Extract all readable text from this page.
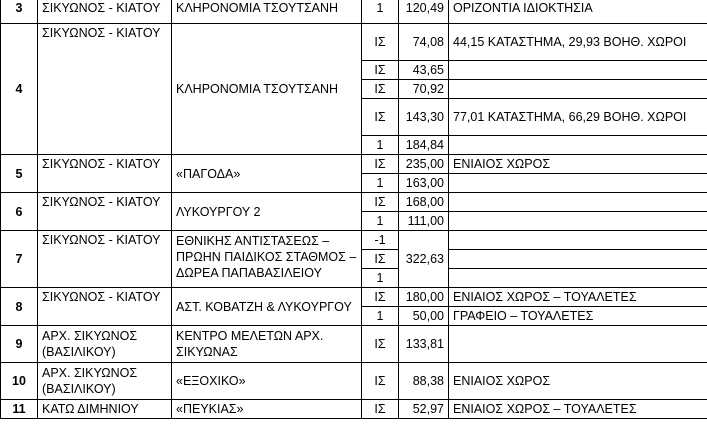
3	ΣΙΚΥΩΝΟΣ - ΚΙΑΤΟΥ	ΚΛΗΡΟΝΟΜΙΑ ΤΣΟΥΤΣΑΝΗ	1	120,49	ΟΡΙΖΟΝΤΙΑ ΙΔΙΟΚΤΗΣΙΑ
4	ΣΙΚΥΩΝΟΣ - ΚΙΑΤΟΥ	ΚΛΗΡΟΝΟΜΙΑ ΤΣΟΥΤΣΑΝΗ	ΙΣ	74,08	44,15 ΚΑΤΑΣΤΗΜΑ, 29,93 ΒΟΗΘ. ΧΩΡΟΙ
			ΙΣ	43,65	
			ΙΣ	70,92	
			ΙΣ	143,30	77,01 ΚΑΤΑΣΤΗΜΑ, 66,29 ΒΟΗΘ. ΧΩΡΟΙ
			1	184,84	
5	ΣΙΚΥΩΝΟΣ - ΚΙΑΤΟΥ	«ΠΑΓΟΔΑ»	ΙΣ	235,00	ΕΝΙΑΙΟΣ ΧΩΡΟΣ
			1	163,00	
6	ΣΙΚΥΩΝΟΣ - ΚΙΑΤΟΥ	ΛΥΚΟΥΡΓΟΥ 2	ΙΣ	168,00	
			1	111,00	
7	ΣΙΚΥΩΝΟΣ - ΚΙΑΤΟΥ	ΕΘΝΙΚΗΣ ΑΝΤΙΣΤΑΣΕΩΣ – ΠΡΩΗΝ ΠΑΙΔΙΚΟΣ ΣΤΑΘΜΟΣ – ΔΩΡΕΑ ΠΑΠΑΒΑΣΙΛΕΙΟΥ	-1	322,63	
			ΙΣ		
			1		
8	ΣΙΚΥΩΝΟΣ - ΚΙΑΤΟΥ	ΑΣΤ. ΚΟΒΑΤΖΗ & ΛΥΚΟΥΡΓΟΥ	ΙΣ	180,00	ΕΝΙΑΙΟΣ ΧΩΡΟΣ – ΤΟΥΑΛΕΤΕΣ
			1	50,00	ΓΡΑΦΕΙΟ – ΤΟΥΑΛΕΤΕΣ
9	ΑΡΧ. ΣΙΚΥΩΝΟΣ (ΒΑΣΙΛΙΚΟΥ)	ΚΕΝΤΡΟ ΜΕΛΕΤΩΝ ΑΡΧ. ΣΙΚΥΩΝΑΣ	ΙΣ	133,81	
10	ΑΡΧ. ΣΙΚΥΩΝΟΣ (ΒΑΣΙΛΙΚΟΥ)	«ΕΞΟΧΙΚΟ»	ΙΣ	88,38	ΕΝΙΑΙΟΣ ΧΩΡΟΣ
11	ΚΑΤΩ ΔΙΜΗΝΙΟΥ	«ΠΕΥΚΙΑΣ»	ΙΣ	52,97	ΕΝΙΑΙΟΣ ΧΩΡΟΣ – ΤΟΥΑΛΕΤΕΣ
